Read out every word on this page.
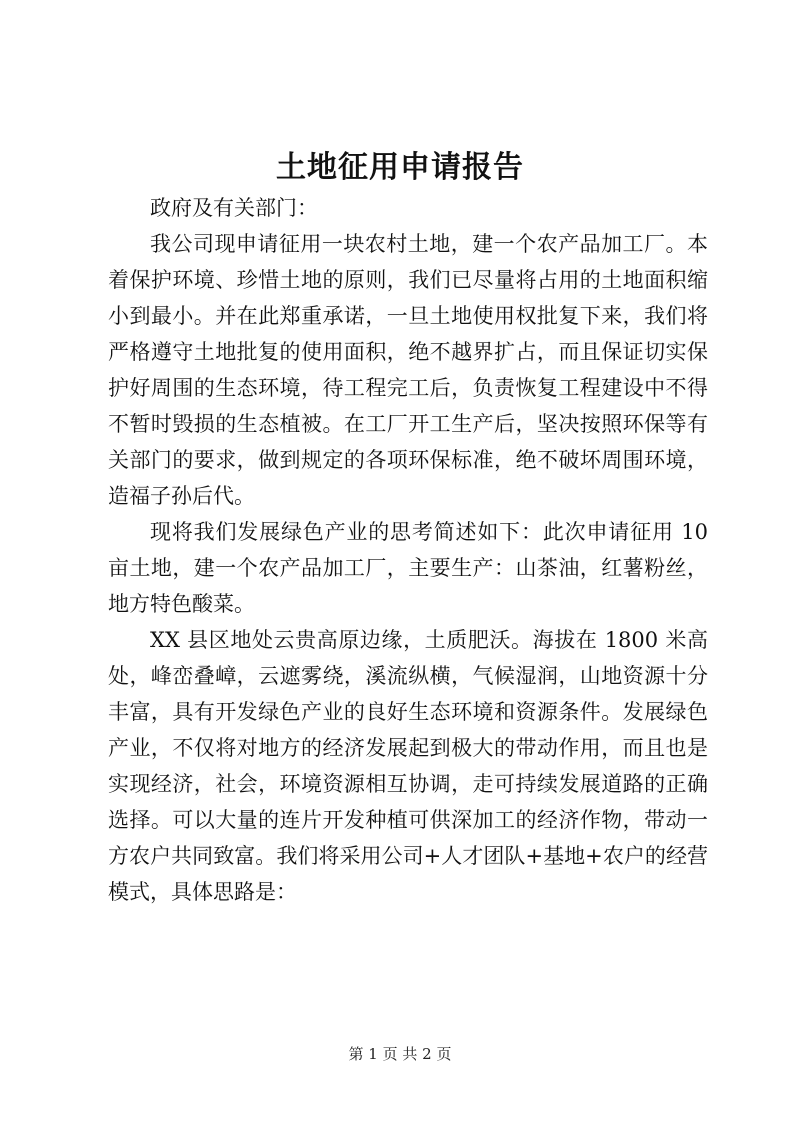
土地征用申请报告

政府及有关部门：

我公司现申请征用一块农村土地，建一个农产品加工厂。本着保护环境、珍惜土地的原则，我们已尽量将占用的土地面积缩小到最小。并在此郑重承诺，一旦土地使用权批复下来，我们将严格遵守土地批复的使用面积，绝不越界扩占，而且保证切实保护好周围的生态环境，待工程完工后，负责恢复工程建设中不得不暂时毁损的生态植被。在工厂开工生产后，坚决按照环保等有关部门的要求，做到规定的各项环保标准，绝不破坏周围环境，造福子孙后代。

现将我们发展绿色产业的思考简述如下：此次申请征用 10 亩土地，建一个农产品加工厂，主要生产：山茶油，红薯粉丝，地方特色酸菜。

XX 县区地处云贵高原边缘，土质肥沃。海拔在 1800 米高处，峰峦叠嶂，云遮雾绕，溪流纵横，气候湿润，山地资源十分丰富，具有开发绿色产业的良好生态环境和资源条件。发展绿色产业，不仅将对地方的经济发展起到极大的带动作用，而且也是实现经济，社会，环境资源相互协调，走可持续发展道路的正确选择。可以大量的连片开发种植可供深加工的经济作物，带动一方农户共同致富。我们将采用公司+人才团队+基地+农户的经营模式，具体思路是：

第 1 页 共 2 页
